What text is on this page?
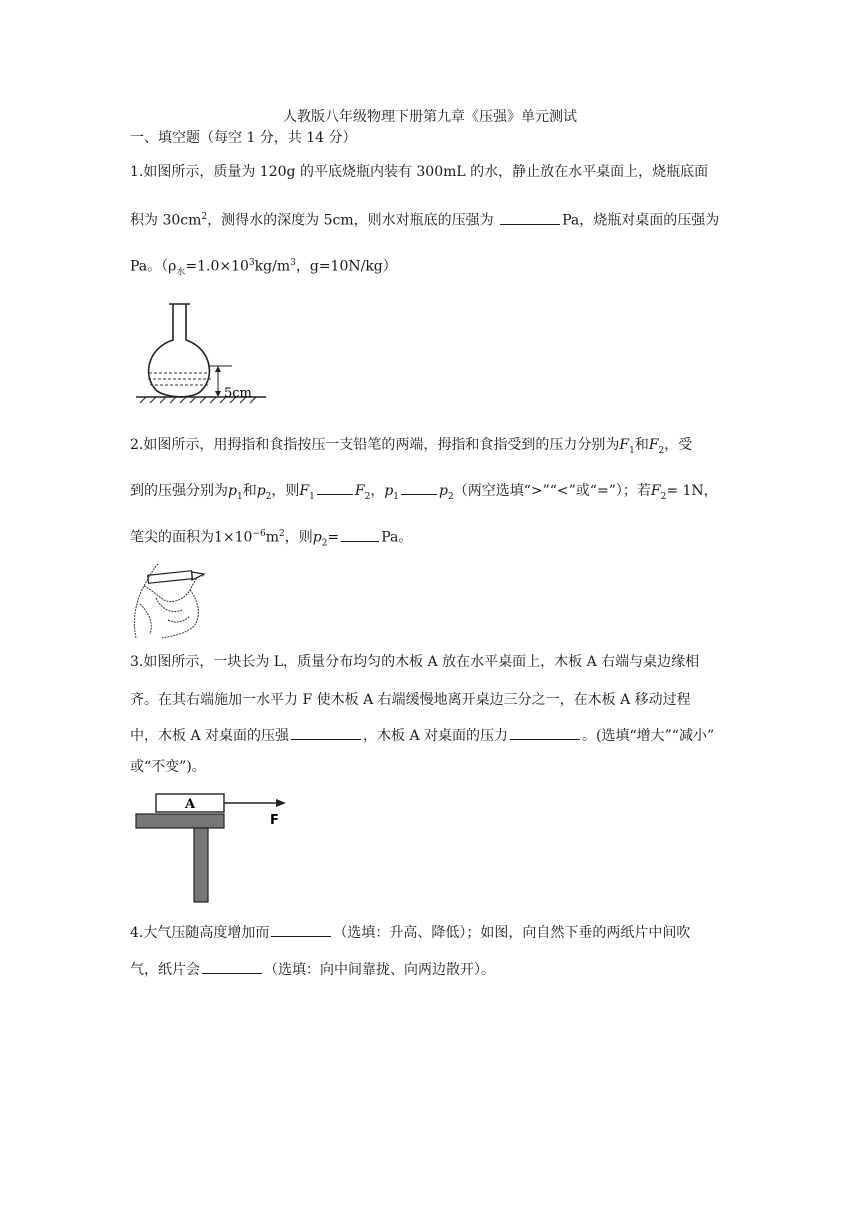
人教版八年级物理下册第九章《压强》单元测试
一、填空题（每空 1 分，共 14 分）
1.如图所示，质量为 120g 的平底烧瓶内装有 300mL 的水，静止放在水平桌面上，烧瓶底面
积为 $30cm^2$，测得水的深度为 5cm，则水对瓶底的压强为	Pa，烧瓶对桌面的压强为
Pa。（$\rho_水=1.0\times 10^3kg/m^3$，g=10N/kg）
5cm
2.如图所示，用拇指和食指按压一支铅笔的两端，拇指和食指受到的压力分别为$F_1$和$F_2$，受
到的压强分别为$p_1$和$p_2$，则$F_1$	$F_2$，$p_1$	$p_2$（两空选填“>”“<”或“=”）；若$F_2= 1N$，
笔尖的面积为$1\times 10^{-6}m^2$，则$p_2=$	Pa。
3.如图所示，一块长为 L，质量分布均匀的木板 A 放在水平桌面上，木板 A 右端与桌边缘相
齐。在其右端施加一水平力 F 使木板 A 右端缓慢地离开桌边三分之一，在木板 A 移动过程
中，木板 A 对桌面的压强	，木板 A 对桌面的压力	。(选填“增大”“减小”
或“不变”)。
A
F
4.大气压随高度增加而	（选填：升高、降低）；如图，向自然下垂的两纸片中间吹
气，纸片会	（选填：向中间靠拢、向两边散开）。
